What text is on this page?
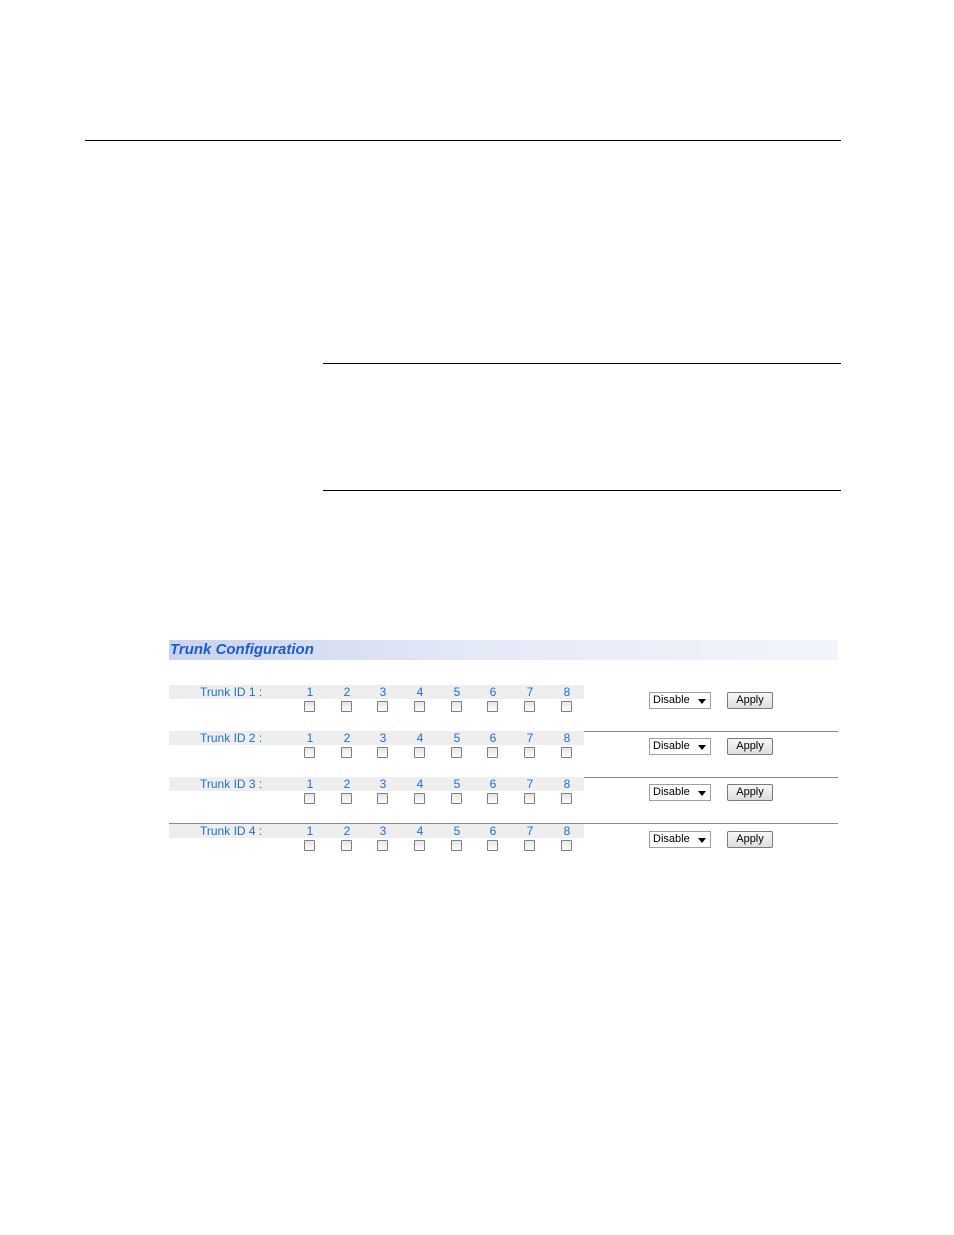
Trunk Configuration
Trunk ID 1 :	1	2	3	4	5	6	7	8
Disable	Apply
Trunk ID 2 :	1	2	3	4	5	6	7	8
Disable	Apply
Trunk ID 3 :	1	2	3	4	5	6	7	8
Disable	Apply
Trunk ID 4 :	1	2	3	4	5	6	7	8
Disable	Apply
